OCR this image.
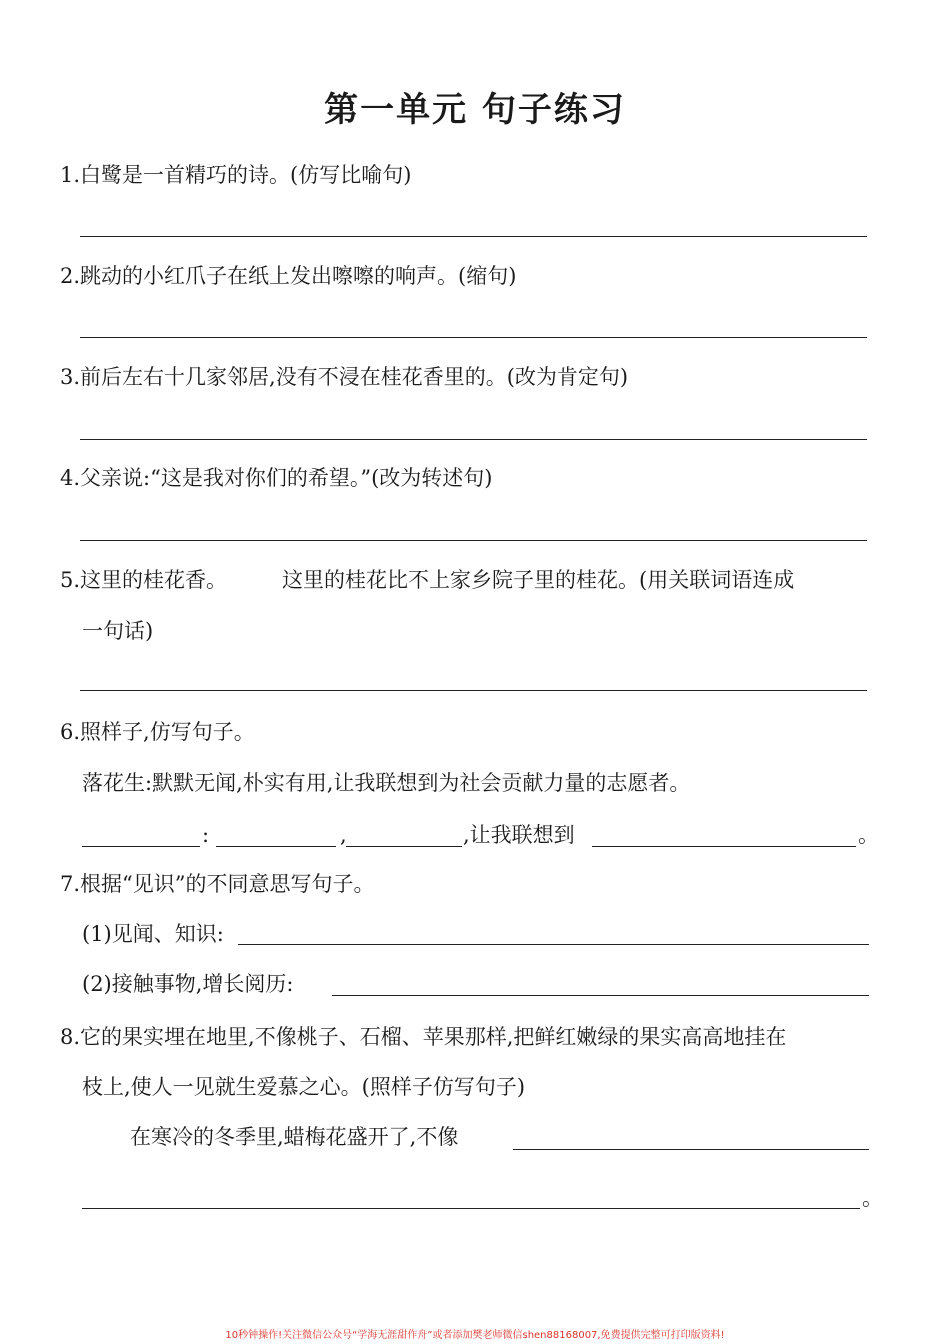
第一单元 句子练习
1.白鹭是一首精巧的诗。(仿写比喻句)
2.跳动的小红爪子在纸上发出嚓嚓的响声。(缩句)
3.前后左右十几家邻居,没有不浸在桂花香里的。(改为肯定句)
4.父亲说:“这是我对你们的希望。”(改为转述句)
5.这里的桂花香。	这里的桂花比不上家乡院子里的桂花。(用关联词语连成
一句话)
6.照样子,仿写句子。
落花生:默默无闻,朴实有用,让我联想到为社会贡献力量的志愿者。
:	,	,让我联想到	。
7.根据“见识”的不同意思写句子。
(1)见闻、知识:
(2)接触事物,增长阅历:
8.它的果实埋在地里,不像桃子、石榴、苹果那样,把鲜红嫩绿的果实高高地挂在
枝上,使人一见就生爱慕之心。(照样子仿写句子)
在寒冷的冬季里,蜡梅花盛开了,不像
。
10秒钟操作!关注微信公众号“学海无涯甜作舟”或者添加樊老师微信shen88168007,免费提供完整可打印版资料!
